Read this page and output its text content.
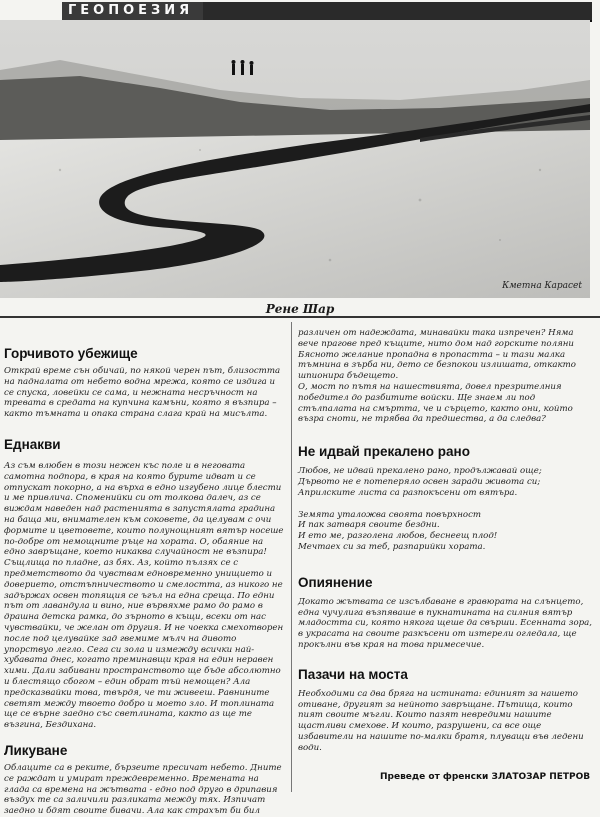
ГЕОПОЕЗИЯ
Кметна Карасеt
Рене Шар
Горчивото убежище

Открай време сън обичай, по някой черен път, близостта на падналата от небето водна мрежа, която се издига и се спуска, ловейки се сама, и нежната несръчност на тревата в средата на купчина камъни, която я възпира – както тъмната и опака страна слага край на мисълта.

Еднакви

Аз съм влюбен в този нежен къс поле и в неговата самотна подпора, в края на която бурите идват и се отпускат покорно, а на върха в едно изгубено лице блести и ме привлича. Споменийки си от толкова далеч, аз се виждам наведен над растенията в запустялата градина на баща ми, внимателен към соковете, да целувам с очи формите и цветовете, които полунощният вятър носеше по-добре от немощните ръце на хората. О, обаяние на едно завръщане, което никаква случайност не възпира! Същлища по пладне, аз бях. Аз, който пълзях се с предметството да чувствам едновременно унищието и доверието, отстъпничеството и смелостта, аз никого не задържах освен топящия се ъгъл на една среща. По едни път от лавандула и вино, ние вървяхме рамо до рамо в драшна детска рамка, до зърното в къщи, всеки от нас чувствайки, че желан от другия. И не чоекка смехотворен после под целувайке зад гвемиме мълч на дивото упорствуо легло. Сега си зола и измежду всички най-хубавата днес, когато преминавщи края на един неравен хими. Дали забивани пространството ще бъде абсолютно и блестящо сбогом – един обрат тъй немощен? Ала предсказвайки това, твърдя, че ти живееш. Равнините светят между твоето добро и моето зло. И топлината ще се върне заедно със светлината, както аз ще те възгина, Бездихана.

Ликуване

Облаците са в реките, бързеите пресичат небето. Дните се раждат и умират преждевременно. Времената на глада са времена на жътвата - едно под друго в дрипавия въздух те са заличили разликата между тях. Изпичат заедно и бдят своите бивачи. Ала как страхът би бил

различен от надеждата, минавайки така изпречен? Няма вече прагове пред къщите, нито дом над горските поляни Бясното желание пропадна в пропастта – и тази малка тъмнина в зърба ни, дето се безпокои излишата, откакто шпионира бъдещето.
О, мост по пътя на нашествията, довел презрителния победител до разбитите войски. Ще знаем ли под стълпалата на смъртта, че и сърцето, както они, който възра сноти, не трябва да предшества, а да следва?

Не идвай прекалено рано

Любов, не идвай прекалено рано, продължавай още;
Дървото не е потеперяло освен заради живота си;
Априлските листа са разпокъсени от вятъра.

Земята уталожва своята повърхност
И пак затваря своите бездни.
И ето ме, разголена любов, беснеещ плод!
Мечтаех си за теб, разпарийки хората.

Опиянение

Докато жътвата се изсълбаване в гравюрата на слънцето, една чучулига възпяваше в пукнатината на силния вятър младостта си, която някога щеше да свърши. Есенната зора, в украсата на своите разкъсени от изтерели огледала, ще прокълни във края на това примесечие.

Пазачи на моста

Необходими са два бряга на истината: единият за нашето отиване, другият за нейното завръщане. Пътища, които пият своите мъгли. Които пазят невредими нашите щастливи смехове. И които, разрушени, са все още избавители на нашите по-малки братя, плуващи във ледени води.

Преведе от френски ЗЛАТОЗАР ПЕТРОВ
